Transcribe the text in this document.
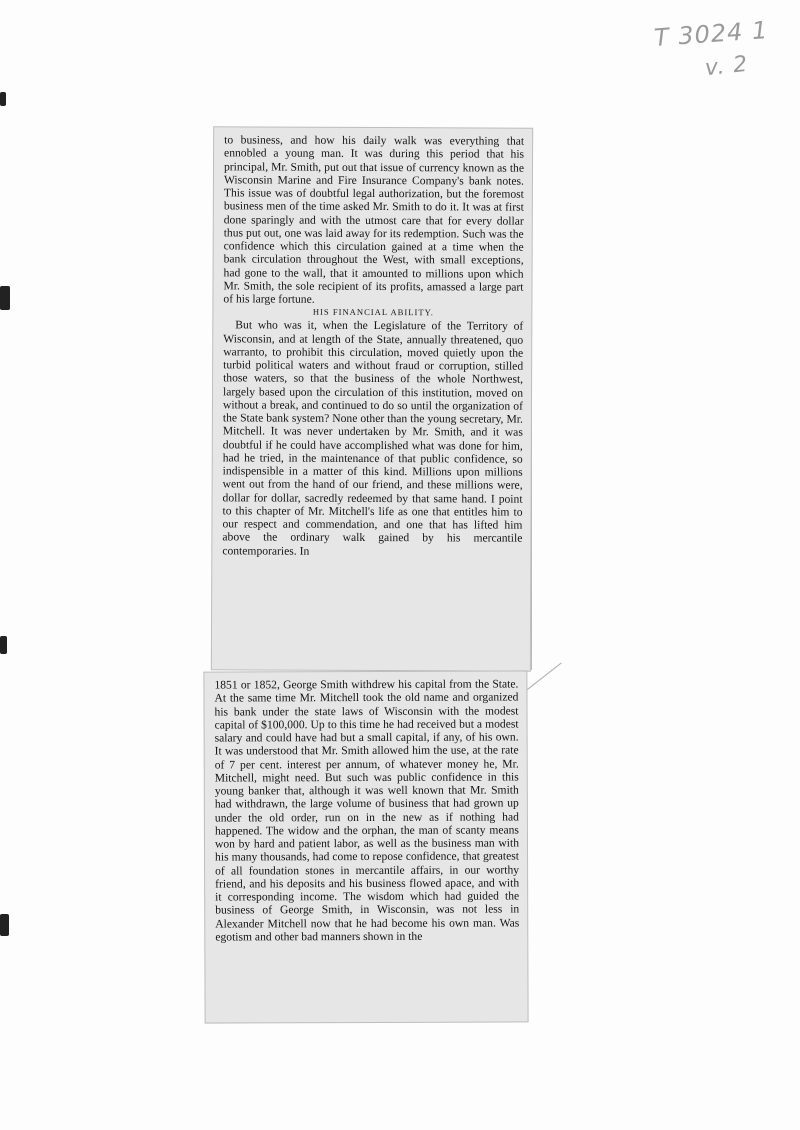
T 3024 1
v. 2

to business, and how his daily walk was everything that ennobled a young man. It was during this period that his principal, Mr. Smith, put out that issue of currency known as the Wisconsin Marine and Fire Insurance Company's bank notes. This issue was of doubtful legal authorization, but the foremost business men of the time asked Mr. Smith to do it. It was at first done sparingly and with the utmost care that for every dollar thus put out, one was laid away for its redemption. Such was the confidence which this circulation gained at a time when the bank circulation throughout the West, with small exceptions, had gone to the wall, that it amounted to millions upon which Mr. Smith, the sole recipient of its profits, amassed a large part of his large fortune.

HIS FINANCIAL ABILITY.

But who was it, when the Legislature of the Territory of Wisconsin, and at length of the State, annually threatened, quo warranto, to prohibit this circulation, moved quietly upon the turbid political waters and without fraud or corruption, stilled those waters, so that the business of the whole Northwest, largely based upon the circulation of this institution, moved on without a break, and continued to do so until the organization of the State bank system? None other than the young secretary, Mr. Mitchell. It was never undertaken by Mr. Smith, and it was doubtful if he could have accomplished what was done for him, had he tried, in the maintenance of that public confidence, so indispensible in a matter of this kind. Millions upon millions went out from the hand of our friend, and these millions were, dollar for dollar, sacredly redeemed by that same hand. I point to this chapter of Mr. Mitchell's life as one that entitles him to our respect and commendation, and one that has lifted him above the ordinary walk gained by his mercantile contemporaries. In

1851 or 1852, George Smith withdrew his capital from the State. At the same time Mr. Mitchell took the old name and organized his bank under the state laws of Wisconsin with the modest capital of $100,000. Up to this time he had received but a modest salary and could have had but a small capital, if any, of his own. It was understood that Mr. Smith allowed him the use, at the rate of 7 per cent. interest per annum, of whatever money he, Mr. Mitchell, might need. But such was public confidence in this young banker that, although it was well known that Mr. Smith had withdrawn, the large volume of business that had grown up under the old order, run on in the new as if nothing had happened. The widow and the orphan, the man of scanty means won by hard and patient labor, as well as the business man with his many thousands, had come to repose confidence, that greatest of all foundation stones in mercantile affairs, in our worthy friend, and his deposits and his business flowed apace, and with it corresponding income. The wisdom which had guided the business of George Smith, in Wisconsin, was not less in Alexander Mitchell now that he had become his own man. Was egotism and other bad manners shown in the
